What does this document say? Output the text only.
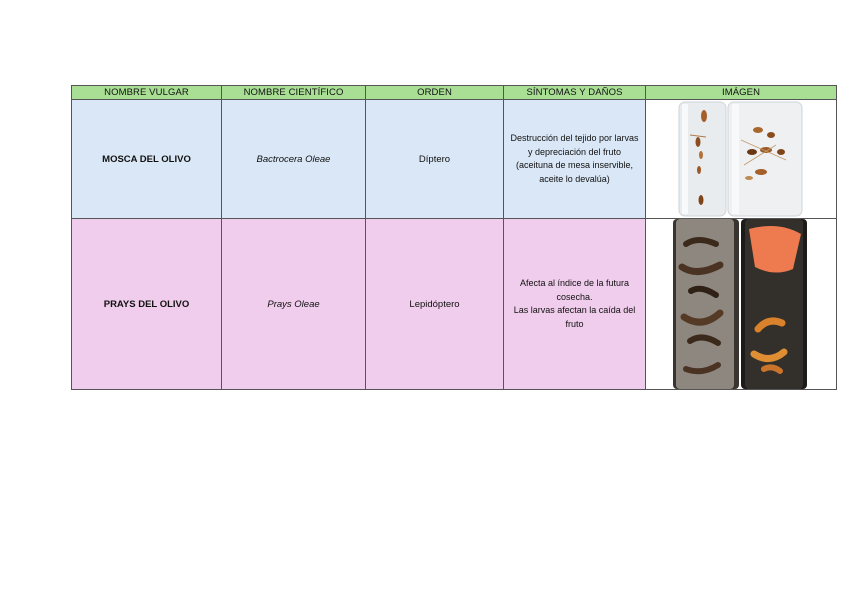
NOMBRE VULGAR	NOMBRE CIENTÍFICO	ORDEN	SÍNTOMAS Y DAÑOS	IMÁGEN
MOSCA DEL OLIVO	Bactrocera Oleae	Díptero	Destrucción del tejido por larvas y depreciación del fruto (aceituna de mesa inservible, aceite lo devalúa)	

PRAYS DEL OLIVO	Prays Oleae	Lepidóptero	Afecta al índice de la futura cosecha.
Las larvas afectan la caída del fruto
